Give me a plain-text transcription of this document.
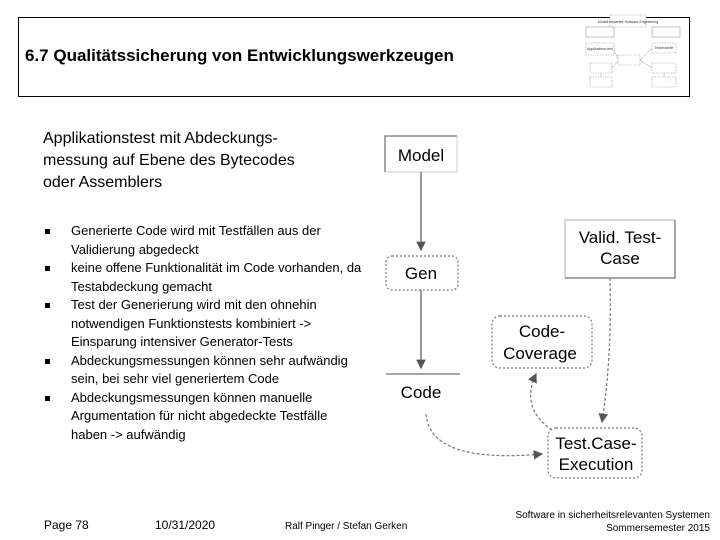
6.7 Qualitätssicherung von Entwicklungswerkzeugen
Modell-basiertes Software-Engineering
Applikations-test	Testmodelle
Applikationstest mit Abdeckungs-
messung auf Ebene des Bytecodes
oder Assemblers
Generierte Code wird mit Testfällen aus der Validierung abgedeckt
keine offene Funktionalität im Code vorhanden, da Testabdeckung gemacht
Test der Generierung wird mit den ohnehin notwendigen Funktionstests kombiniert -> Einsparung intensiver Generator-Tests
Abdeckungsmessungen können sehr aufwändig sein, bei sehr viel generiertem Code
Abdeckungsmessungen können manuelle Argumentation für nicht abgedeckte Testfälle haben -> aufwändig
Model
Valid. Test-
Case
Gen
Code
Code-
Coverage
Test.Case-
Execution
Page 78	10/31/2020	Ralf Pinger / Stefan Gerken
Software in sicherheitsrelevanten Systemen
Sommersemester 2015
